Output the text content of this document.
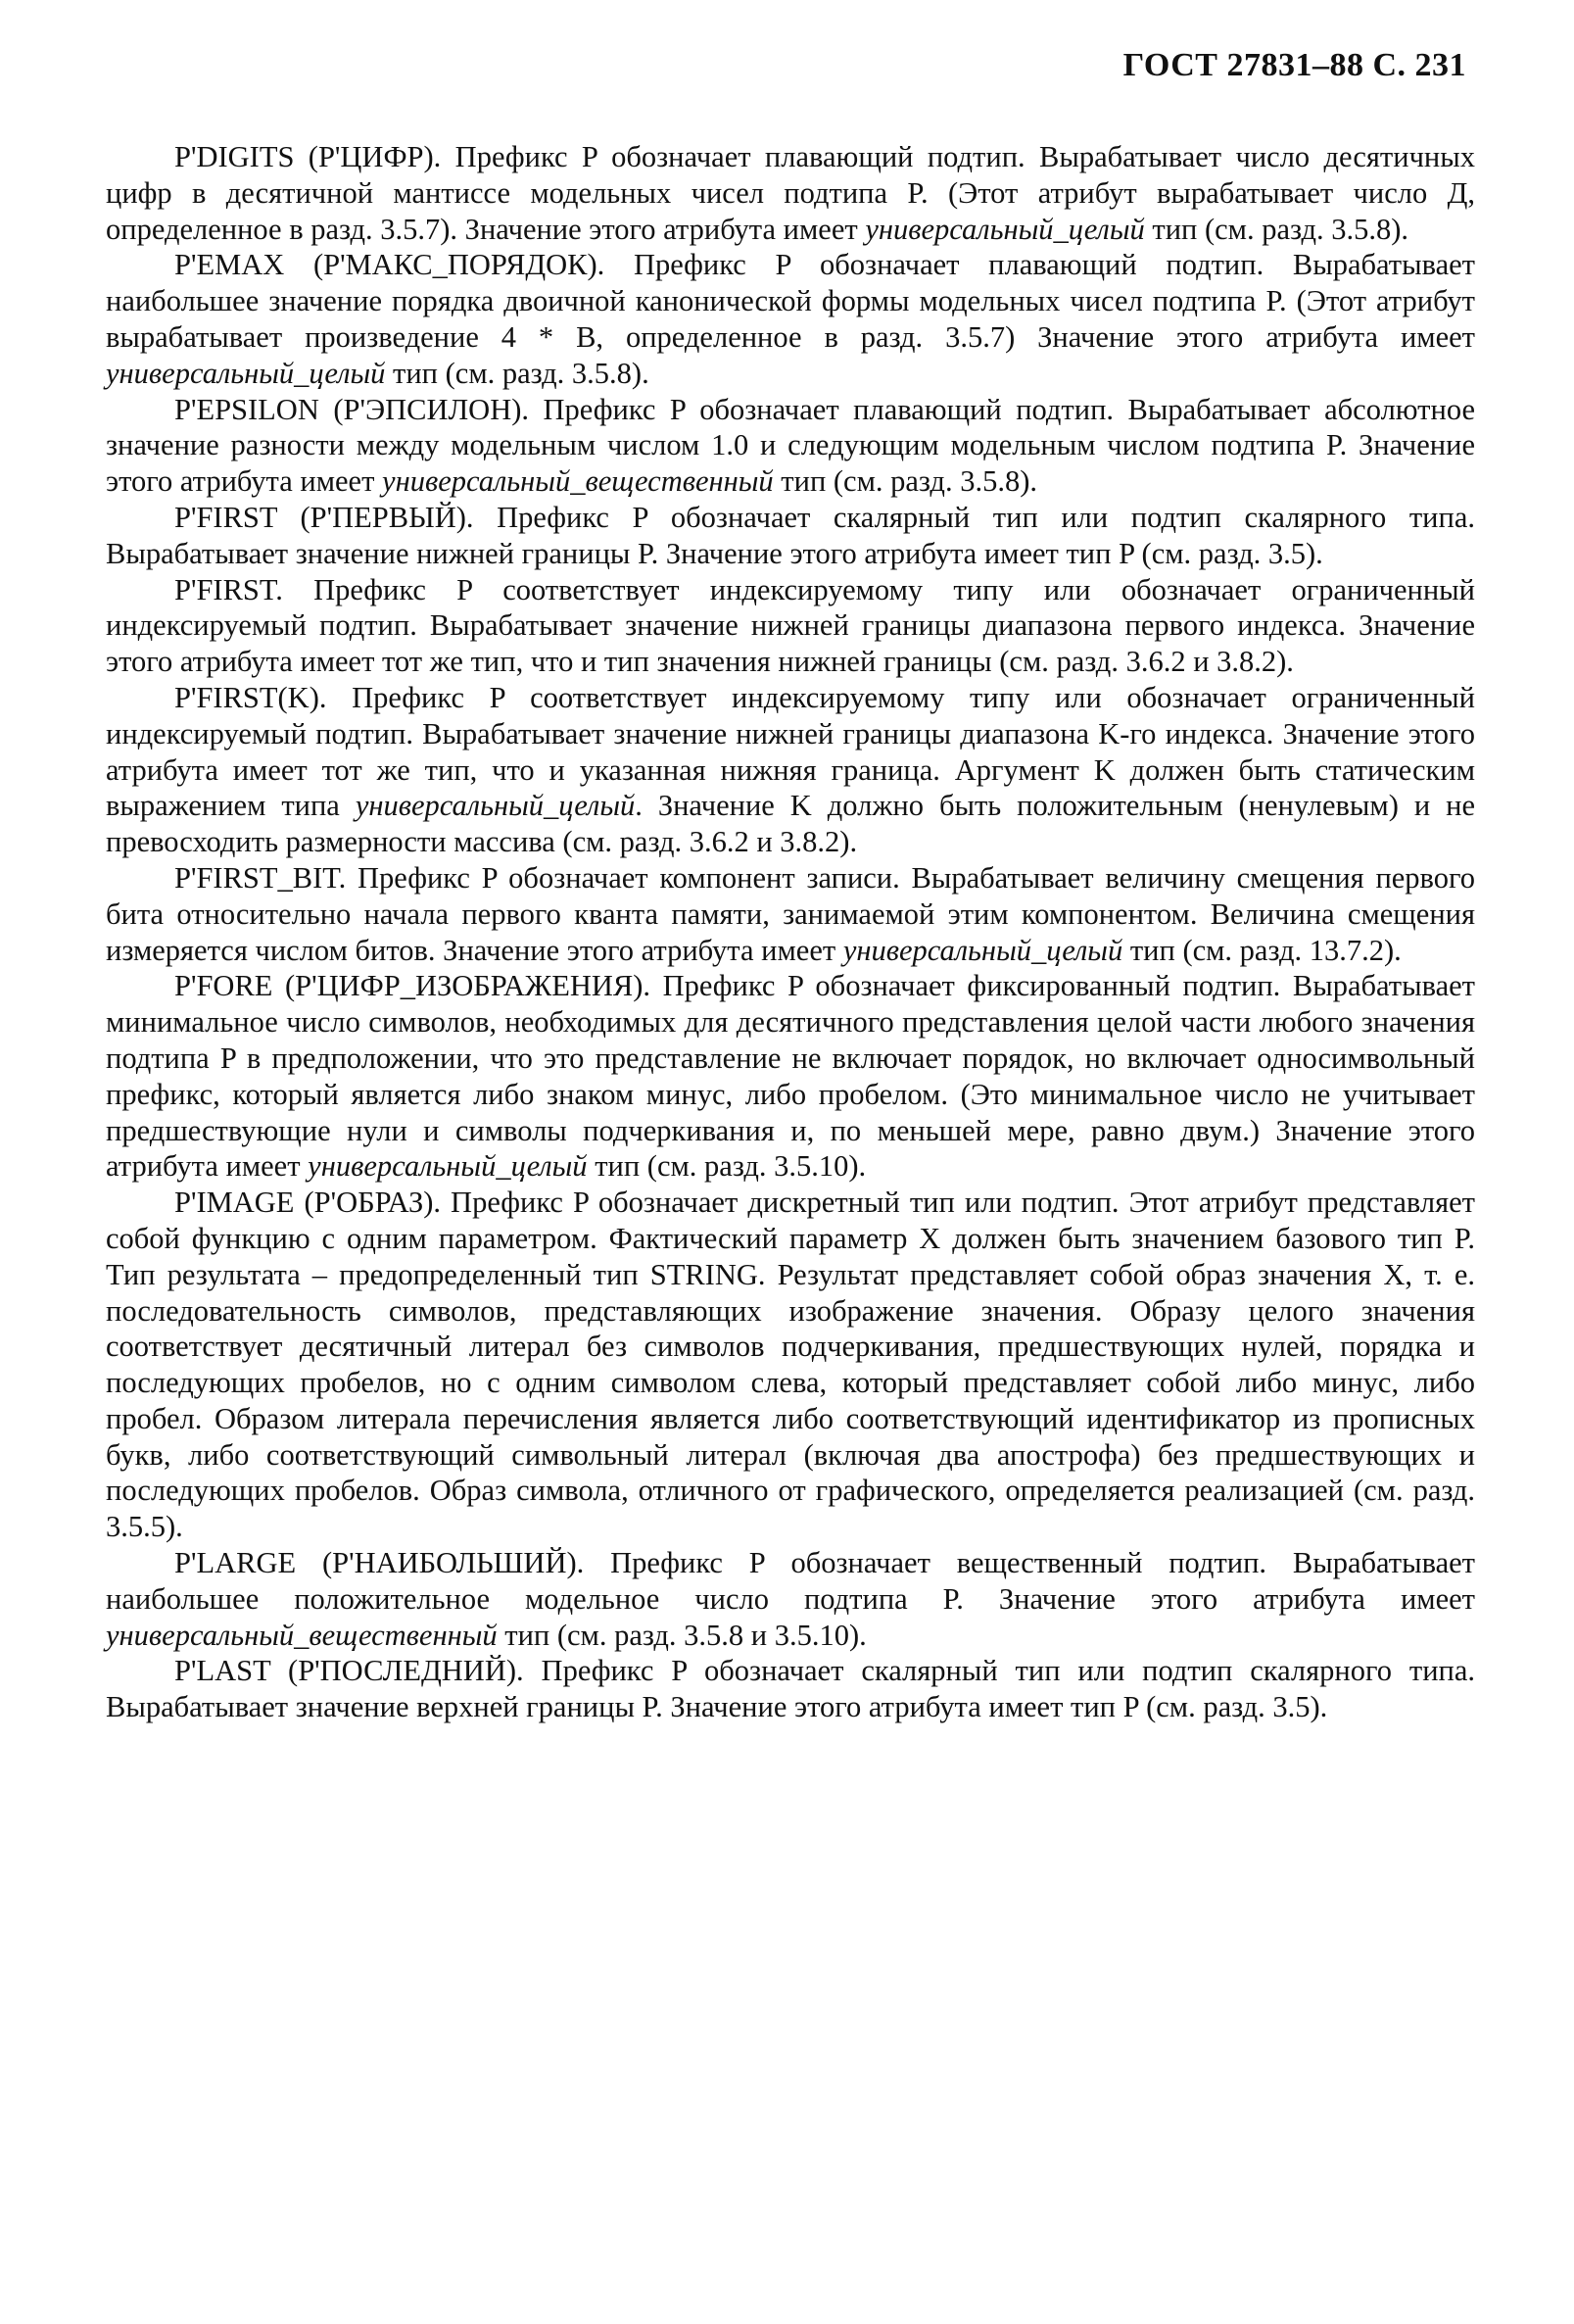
ГОСТ 27831–88 С. 231

P'DIGITS (P'ЦИФР). Префикс P обозначает плавающий подтип. Вырабатывает число десятичных цифр в десятичной мантиссе модельных чисел подтипа P. (Этот атрибут вырабатывает число Д, определенное в разд. 3.5.7). Значение этого атрибута имеет универсальный_целый тип (см. разд. 3.5.8).

P'EMAX (P'МАКС_ПОРЯДОК). Префикс P обозначает плавающий подтип. Вырабатывает наибольшее значение порядка двоичной канонической формы модельных чисел подтипа P. (Этот атрибут вырабатывает произведение 4 * B, определенное в разд. 3.5.7) Значение этого атрибута имеет универсальный_целый тип (см. разд. 3.5.8).

P'EPSILON (P'ЭПСИЛОН). Префикс P обозначает плавающий подтип. Вырабатывает абсолютное значение разности между модельным числом 1.0 и следующим модельным числом подтипа P. Значение этого атрибута имеет универсальный_вещественный тип (см. разд. 3.5.8).

P'FIRST (P'ПЕРВЫЙ). Префикс P обозначает скалярный тип или подтип скалярного типа. Вырабатывает значение нижней границы P. Значение этого атрибута имеет тип P (см. разд. 3.5).

P'FIRST. Префикс P соответствует индексируемому типу или обозначает ограниченный индексируемый подтип. Вырабатывает значение нижней границы диапазона первого индекса. Значение этого атрибута имеет тот же тип, что и тип значения нижней границы (см. разд. 3.6.2 и 3.8.2).

P'FIRST(K). Префикс P соответствует индексируемому типу или обозначает ограниченный индексируемый подтип. Вырабатывает значение нижней границы диапазона K-го индекса. Значение этого атрибута имеет тот же тип, что и указанная нижняя граница. Аргумент K должен быть статическим выражением типа универсальный_целый. Значение K должно быть положительным (ненулевым) и не превосходить размерности массива (см. разд. 3.6.2 и 3.8.2).

P'FIRST_BIT. Префикс P обозначает компонент записи. Вырабатывает величину смещения первого бита относительно начала первого кванта памяти, занимаемой этим компонентом. Величина смещения измеряется числом битов. Значение этого атрибута имеет универсальный_целый тип (см. разд. 13.7.2).

P'FORE (P'ЦИФР_ИЗОБРАЖЕНИЯ). Префикс P обозначает фиксированный подтип. Вырабатывает минимальное число символов, необходимых для десятичного представления целой части любого значения подтипа P в предположении, что это представление не включает порядок, но включает односимвольный префикс, который является либо знаком минус, либо пробелом. (Это минимальное число не учитывает предшествующие нули и символы подчеркивания и, по меньшей мере, равно двум.) Значение этого атрибута имеет универсальный_целый тип (см. разд. 3.5.10).

P'IMAGE (P'ОБРАЗ). Префикс P обозначает дискретный тип или подтип. Этот атрибут представляет собой функцию с одним параметром. Фактический параметр X должен быть значением базового тип P. Тип результата – предопределенный тип STRING. Результат представляет собой образ значения X, т. е. последовательность символов, представляющих изображение значения. Образу целого значения соответствует десятичный литерал без символов подчеркивания, предшествующих нулей, порядка и последующих пробелов, но с одним символом слева, который представляет собой либо минус, либо пробел. Образом литерала перечисления является либо соответствующий идентификатор из прописных букв, либо соответствующий символьный литерал (включая два апострофа) без предшествующих и последующих пробелов. Образ символа, отличного от графического, определяется реализацией (см. разд. 3.5.5).

P'LARGE (P'НАИБОЛЬШИЙ). Префикс P обозначает вещественный подтип. Вырабатывает наибольшее положительное модельное число подтипа P. Значение этого атрибута имеет универсальный_вещественный тип (см. разд. 3.5.8 и 3.5.10).

P'LAST (P'ПОСЛЕДНИЙ). Префикс P обозначает скалярный тип или подтип скалярного типа. Вырабатывает значение верхней границы P. Значение этого атрибута имеет тип P (см. разд. 3.5).
